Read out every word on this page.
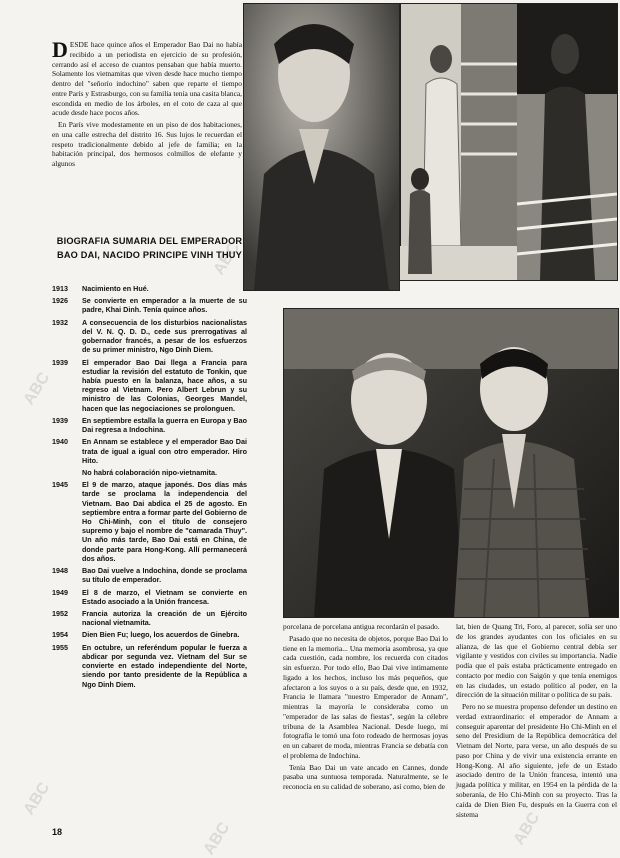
ABC
ABC
ABC
ABC
ABC

DESDE hace quince años el Emperador Bao Dai no había recibido a un periodista en ejercicio de su profesión, cerrando así el acceso de cuantos pensaban que había muerto. Solamente los vietnamitas que viven desde hace mucho tiempo dentro del "señorío indochino" saben que reparte el tiempo entre París y Estrasburgo, con su familia tenía una casita blanca, escondida en medio de los árboles, en el coto de caza al que acude desde hace pocos años.

En París vive modestamente en un piso de dos habitaciones, en una calle estrecha del distrito 16. Sus lujos le recuerdan el respeto tradicionalmente debido al jefe de familia; en la habitación principal, dos hermosos colmillos de elefante y algunos

BIOGRAFIA SUMARIA DEL EMPERADOR BAO DAI, NACIDO PRINCIPE VINH THUY
1913	Nacimiento en Hué.
1926	Se convierte en emperador a la muerte de su padre, Khai Dinh. Tenía quince años.
1932	A consecuencia de los disturbios nacionalistas del V. N. Q. D. D., cede sus prerrogativas al gobernador francés, a pesar de los esfuerzos de su primer ministro, Ngo Dinh Diem.
1939	El emperador Bao Dai llega a Francia para estudiar la revisión del estatuto de Tonkin, que había puesto en la balanza, hace años, a su regreso al Vietnam. Pero Albert Lebrun y su ministro de las Colonias, Georges Mandel, hacen que las negociaciones se prolonguen.
1939	En septiembre estalla la guerra en Europa y Bao Dai regresa a Indochina.
1940	En Annam se establece y el emperador Bao Dai trata de igual a igual con otro emperador. Hiro Hito.
No habrá colaboración nipo-vietnamita.
1945	El 9 de marzo, ataque japonés. Dos días más tarde se proclama la independencia del Vietnam. Bao Dai abdica el 25 de agosto. En septiembre entra a formar parte del Gobierno de Ho Chi-Minh, con el título de consejero supremo y bajo el nombre de "camarada Thuy". Un año más tarde, Bao Dai está en China, de donde parte para Hong-Kong. Allí permanecerá dos años.
1948	Bao Dai vuelve a Indochina, donde se proclama su título de emperador.
1949	El 8 de marzo, el Vietnam se convierte en Estado asociado a la Unión francesa.
1952	Francia autoriza la creación de un Ejército nacional vietnamita.
1954	Dien Bien Fu; luego, los acuerdos de Ginebra.
1955	En octubre, un referéndum popular le fuerza a abdicar por segunda vez. Vietnam del Sur se convierte en estado independiente del Norte, siendo por tanto presidente de la República a Ngo Dinh Diem.

porcelana de porcelana antigua recordarán el pasado.

Pasado que no necesita de objetos, porque Bao Dai lo tiene en la memoria... Una memoria asombrosa, ya que cada cuestión, cada nombre, los recuerda con citados sin esfuerzo. Por todo ello, Bao Dai vive intimamente ligado a los hechos, incluso los más pequeños, que afectaron a los suyos o a su país, desde que, en 1932, Francia le llamara "nuestro Emperador de Annam", mientras la mayoría le consideraba como un "emperador de las salas de fiestas", según la célebre tribuna de la Asamblea Nacional. Desde luego, mi fotografía le tomó una foto rodeado de hermosas joyas en un cabaret de moda, mientras Francia se debatía con el problema de Indochina.

Tenía Bao Dai un vate ancado en Cannes, donde pasaba una suntuosa temporada. Naturalmente, se le reconocía en su calidad de soberano, así como, bien de

lat, bien de Quang Tri, Foro, al parecer, solía ser uno de los grandes ayudantes con los oficiales en su alianza, de las que el Gobierno central debía ser vigilante y vestidos con civiles su importancia. Nadie podía que el país estaba prácticamente entregado en contacto por medio con Saigón y que tenía enemigos en las ciudades, un estado político al poder, en la dirección de la situación militar o política de su país.

Pero no se muestra propenso defender un destino en verdad extraordinario: el emperador de Annam a conseguir aparentar del presidente Ho Chi-Minh en el seno del Presidium de la República democrática del Vietnam del Norte, para verse, un año después de su paso por China y de vivir una existencia errante en Hong-Kong. Al año siguiente, jefe de un Estado asociado dentro de la Unión francesa, intentó una jugada política y militar, en 1954 en la pérdida de la soberanía, de Ho Chi-Minh con su proyecto. Tras la caída de Dien Bien Fu, después en la Guerra con el sistema

18
